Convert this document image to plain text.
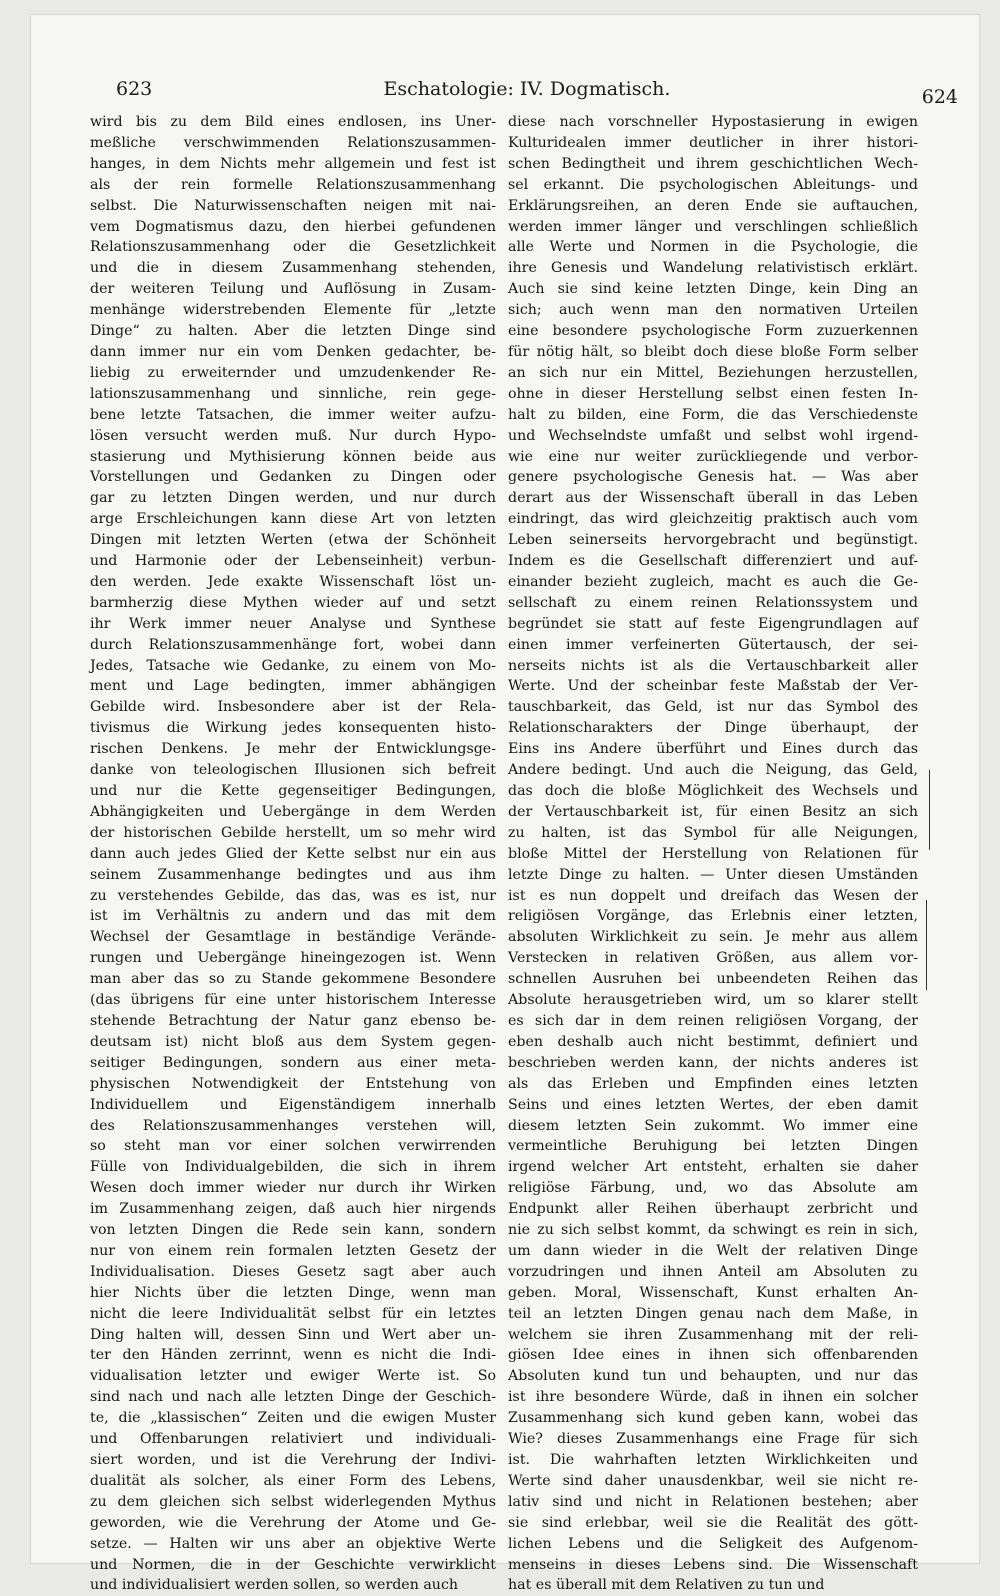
623	Eschatologie: IV. Dogmatisch.	624
wird bis zu dem Bild eines endlosen, ins Uner-
meßliche verschwimmenden Relationszusammen-
hanges, in dem Nichts mehr allgemein und fest ist
als der rein formelle Relationszusammenhang
selbst. Die Naturwissenschaften neigen mit nai-
vem Dogmatismus dazu, den hierbei gefundenen
Relationszusammenhang oder die Gesetzlichkeit
und die in diesem Zusammenhang stehenden,
der weiteren Teilung und Auflösung in Zusam-
menhänge widerstrebenden Elemente für „letzte
Dinge“ zu halten. Aber die letzten Dinge sind
dann immer nur ein vom Denken gedachter, be-
liebig zu erweiternder und umzudenkender Re-
lationszusammenhang und sinnliche, rein gege-
bene letzte Tatsachen, die immer weiter aufzu-
lösen versucht werden muß. Nur durch Hypo-
stasierung und Mythisierung können beide aus
Vorstellungen und Gedanken zu Dingen oder
gar zu letzten Dingen werden, und nur durch
arge Erschleichungen kann diese Art von letzten
Dingen mit letzten Werten (etwa der Schönheit
und Harmonie oder der Lebenseinheit) verbun-
den werden. Jede exakte Wissenschaft löst un-
barmherzig diese Mythen wieder auf und setzt
ihr Werk immer neuer Analyse und Synthese
durch Relationszusammenhänge fort, wobei dann
Jedes, Tatsache wie Gedanke, zu einem von Mo-
ment und Lage bedingten, immer abhängigen
Gebilde wird. Insbesondere aber ist der Rela-
tivismus die Wirkung jedes konsequenten histo-
rischen Denkens. Je mehr der Entwicklungsge-
danke von teleologischen Illusionen sich befreit
und nur die Kette gegenseitiger Bedingungen,
Abhängigkeiten und Uebergänge in dem Werden
der historischen Gebilde herstellt, um so mehr wird
dann auch jedes Glied der Kette selbst nur ein aus
seinem Zusammenhange bedingtes und aus ihm
zu verstehendes Gebilde, das das, was es ist, nur
ist im Verhältnis zu andern und das mit dem
Wechsel der Gesamtlage in beständige Verände-
rungen und Uebergänge hineingezogen ist. Wenn
man aber das so zu Stande gekommene Besondere
(das übrigens für eine unter historischem Interesse
stehende Betrachtung der Natur ganz ebenso be-
deutsam ist) nicht bloß aus dem System gegen-
seitiger Bedingungen, sondern aus einer meta-
physischen Notwendigkeit der Entstehung von
Individuellem und Eigenständigem innerhalb
des Relationszusammenhanges verstehen will,
so steht man vor einer solchen verwirrenden
Fülle von Individualgebilden, die sich in ihrem
Wesen doch immer wieder nur durch ihr Wirken
im Zusammenhang zeigen, daß auch hier nirgends
von letzten Dingen die Rede sein kann, sondern
nur von einem rein formalen letzten Gesetz der
Individualisation. Dieses Gesetz sagt aber auch
hier Nichts über die letzten Dinge, wenn man
nicht die leere Individualität selbst für ein letztes
Ding halten will, dessen Sinn und Wert aber un-
ter den Händen zerrinnt, wenn es nicht die Indi-
vidualisation letzter und ewiger Werte ist. So
sind nach und nach alle letzten Dinge der Geschich-
te, die „klassischen“ Zeiten und die ewigen Muster
und Offenbarungen relativiert und individuali-
siert worden, und ist die Verehrung der Indivi-
dualität als solcher, als einer Form des Lebens,
zu dem gleichen sich selbst widerlegenden Mythus
geworden, wie die Verehrung der Atome und Ge-
setze. — Halten wir uns aber an objektive Werte
und Normen, die in der Geschichte verwirklicht
und individualisiert werden sollen, so werden auch
diese nach vorschneller Hypostasierung in ewigen
Kulturidealen immer deutlicher in ihrer histori-
schen Bedingtheit und ihrem geschichtlichen Wech-
sel erkannt. Die psychologischen Ableitungs- und
Erklärungsreihen, an deren Ende sie auftauchen,
werden immer länger und verschlingen schließlich
alle Werte und Normen in die Psychologie, die
ihre Genesis und Wandelung relativistisch erklärt.
Auch sie sind keine letzten Dinge, kein Ding an
sich; auch wenn man den normativen Urteilen
eine besondere psychologische Form zuzuerkennen
für nötig hält, so bleibt doch diese bloße Form selber
an sich nur ein Mittel, Beziehungen herzustellen,
ohne in dieser Herstellung selbst einen festen In-
halt zu bilden, eine Form, die das Verschiedenste
und Wechselndste umfaßt und selbst wohl irgend-
wie eine nur weiter zurückliegende und verbor-
genere psychologische Genesis hat. — Was aber
derart aus der Wissenschaft überall in das Leben
eindringt, das wird gleichzeitig praktisch auch vom
Leben seinerseits hervorgebracht und begünstigt.
Indem es die Gesellschaft differenziert und auf-
einander bezieht zugleich, macht es auch die Ge-
sellschaft zu einem reinen Relationssystem und
begründet sie statt auf feste Eigengrundlagen auf
einen immer verfeinerten Gütertausch, der sei-
nerseits nichts ist als die Vertauschbarkeit aller
Werte. Und der scheinbar feste Maßstab der Ver-
tauschbarkeit, das Geld, ist nur das Symbol des
Relationscharakters der Dinge überhaupt, der
Eins ins Andere überführt und Eines durch das
Andere bedingt. Und auch die Neigung, das Geld,
das doch die bloße Möglichkeit des Wechsels und
der Vertauschbarkeit ist, für einen Besitz an sich
zu halten, ist das Symbol für alle Neigungen,
bloße Mittel der Herstellung von Relationen für
letzte Dinge zu halten. — Unter diesen Umständen
ist es nun doppelt und dreifach das Wesen der
religiösen Vorgänge, das Erlebnis einer letzten,
absoluten Wirklichkeit zu sein. Je mehr aus allem
Verstecken in relativen Größen, aus allem vor-
schnellen Ausruhen bei unbeendeten Reihen das
Absolute herausgetrieben wird, um so klarer stellt
es sich dar in dem reinen religiösen Vorgang, der
eben deshalb auch nicht bestimmt, definiert und
beschrieben werden kann, der nichts anderes ist
als das Erleben und Empfinden eines letzten
Seins und eines letzten Wertes, der eben damit
diesem letzten Sein zukommt. Wo immer eine
vermeintliche Beruhigung bei letzten Dingen
irgend welcher Art entsteht, erhalten sie daher
religiöse Färbung, und, wo das Absolute am
Endpunkt aller Reihen überhaupt zerbricht und
nie zu sich selbst kommt, da schwingt es rein in sich,
um dann wieder in die Welt der relativen Dinge
vorzudringen und ihnen Anteil am Absoluten zu
geben. Moral, Wissenschaft, Kunst erhalten An-
teil an letzten Dingen genau nach dem Maße, in
welchem sie ihren Zusammenhang mit der reli-
giösen Idee eines in ihnen sich offenbarenden
Absoluten kund tun und behaupten, und nur das
ist ihre besondere Würde, daß in ihnen ein solcher
Zusammenhang sich kund geben kann, wobei das
Wie? dieses Zusammenhangs eine Frage für sich
ist. Die wahrhaften letzten Wirklichkeiten und
Werte sind daher unausdenkbar, weil sie nicht re-
lativ sind und nicht in Relationen bestehen; aber
sie sind erlebbar, weil sie die Realität des gött-
lichen Lebens und die Seligkeit des Aufgenom-
menseins in dieses Lebens sind. Die Wissenschaft
hat es überall mit dem Relativen zu tun und
